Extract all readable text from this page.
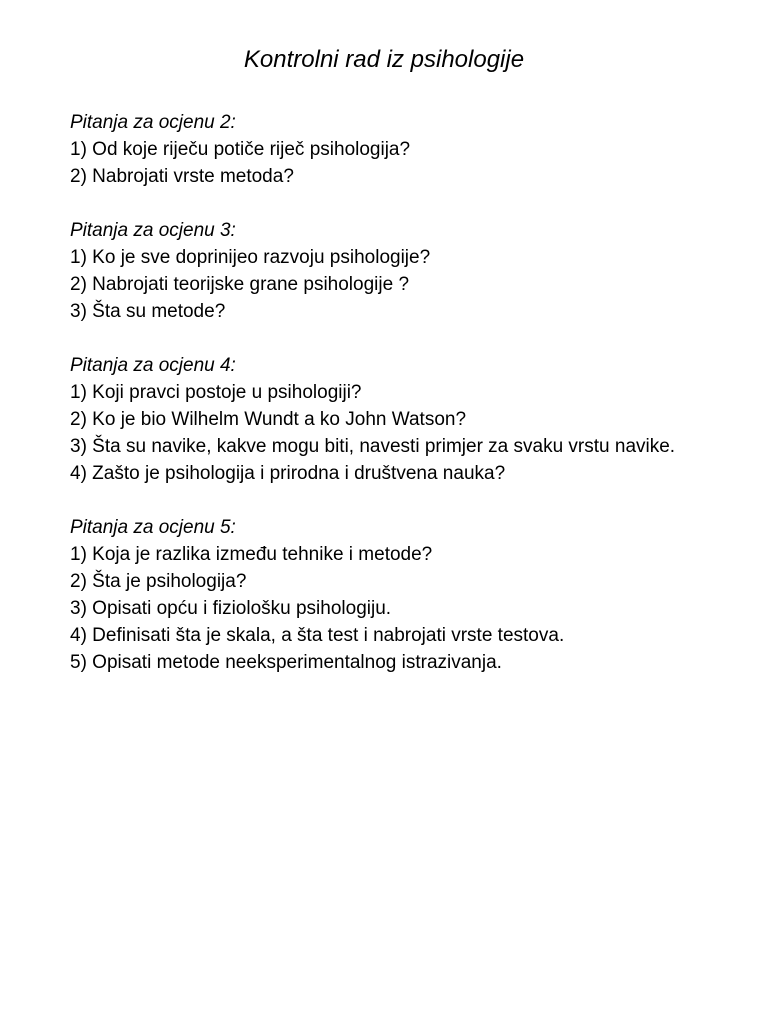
Kontrolni rad iz psihologije

Pitanja za ocjenu 2:

1) Od koje riječu potiče riječ psihologija?

2) Nabrojati vrste metoda?

Pitanja za ocjenu 3:

1) Ko je sve doprinijeo razvoju psihologije?

2) Nabrojati teorijske grane psihologije ?

3) Šta su metode?

Pitanja za ocjenu 4:

1) Koji pravci postoje u psihologiji?

2) Ko je bio Wilhelm Wundt a ko John Watson?

3) Šta su navike, kakve mogu biti, navesti primjer za svaku vrstu navike.

4) Zašto je psihologija i prirodna i društvena nauka?

Pitanja za ocjenu 5:

1) Koja je razlika između tehnike i metode?

2) Šta je psihologija?

3) Opisati opću i fiziološku psihologiju.

4) Definisati šta je skala, a šta test i nabrojati vrste testova.

5) Opisati metode neeksperimentalnog istrazivanja.
